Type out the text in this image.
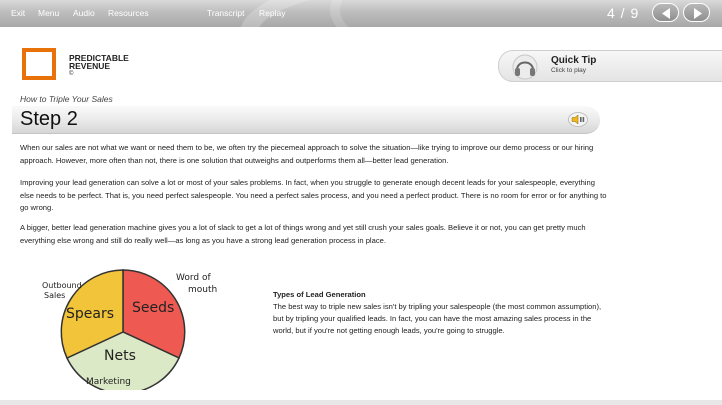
Exit Menu Audio Resources	Transcript Replay	4 / 9
PREDICTABLE
REVENUE
©
Quick Tip
Click to play
How to Triple Your Sales
Step 2

When our sales are not what we want or need them to be, we often try the piecemeal approach to solve the situation—like trying to improve our demo process or our hiring approach. However, more often than not, there is one solution that outweighs and outperforms them all—better lead generation.

Improving your lead generation can solve a lot or most of your sales problems. In fact, when you struggle to generate enough decent leads for your salespeople, everything else needs to be perfect. That is, you need perfect salespeople. You need a perfect sales process, and you need a perfect product. There is no room for error or for anything to go wrong.

A bigger, better lead generation machine gives you a lot of slack to get a lot of things wrong and yet still crush your sales goals. Believe it or not, you can get pretty much everything else wrong and still do really well—as long as you have a strong lead generation process in place.

Spears Seeds
Nets
Outbound
Sales
Word of
mouth
Marketing
Types of Lead Generation

The best way to triple new sales isn't by tripling your salespeople (the most common assumption), but by tripling your qualified leads. In fact, you can have the most amazing sales process in the world, but if you're not getting enough leads, you're going to struggle.
